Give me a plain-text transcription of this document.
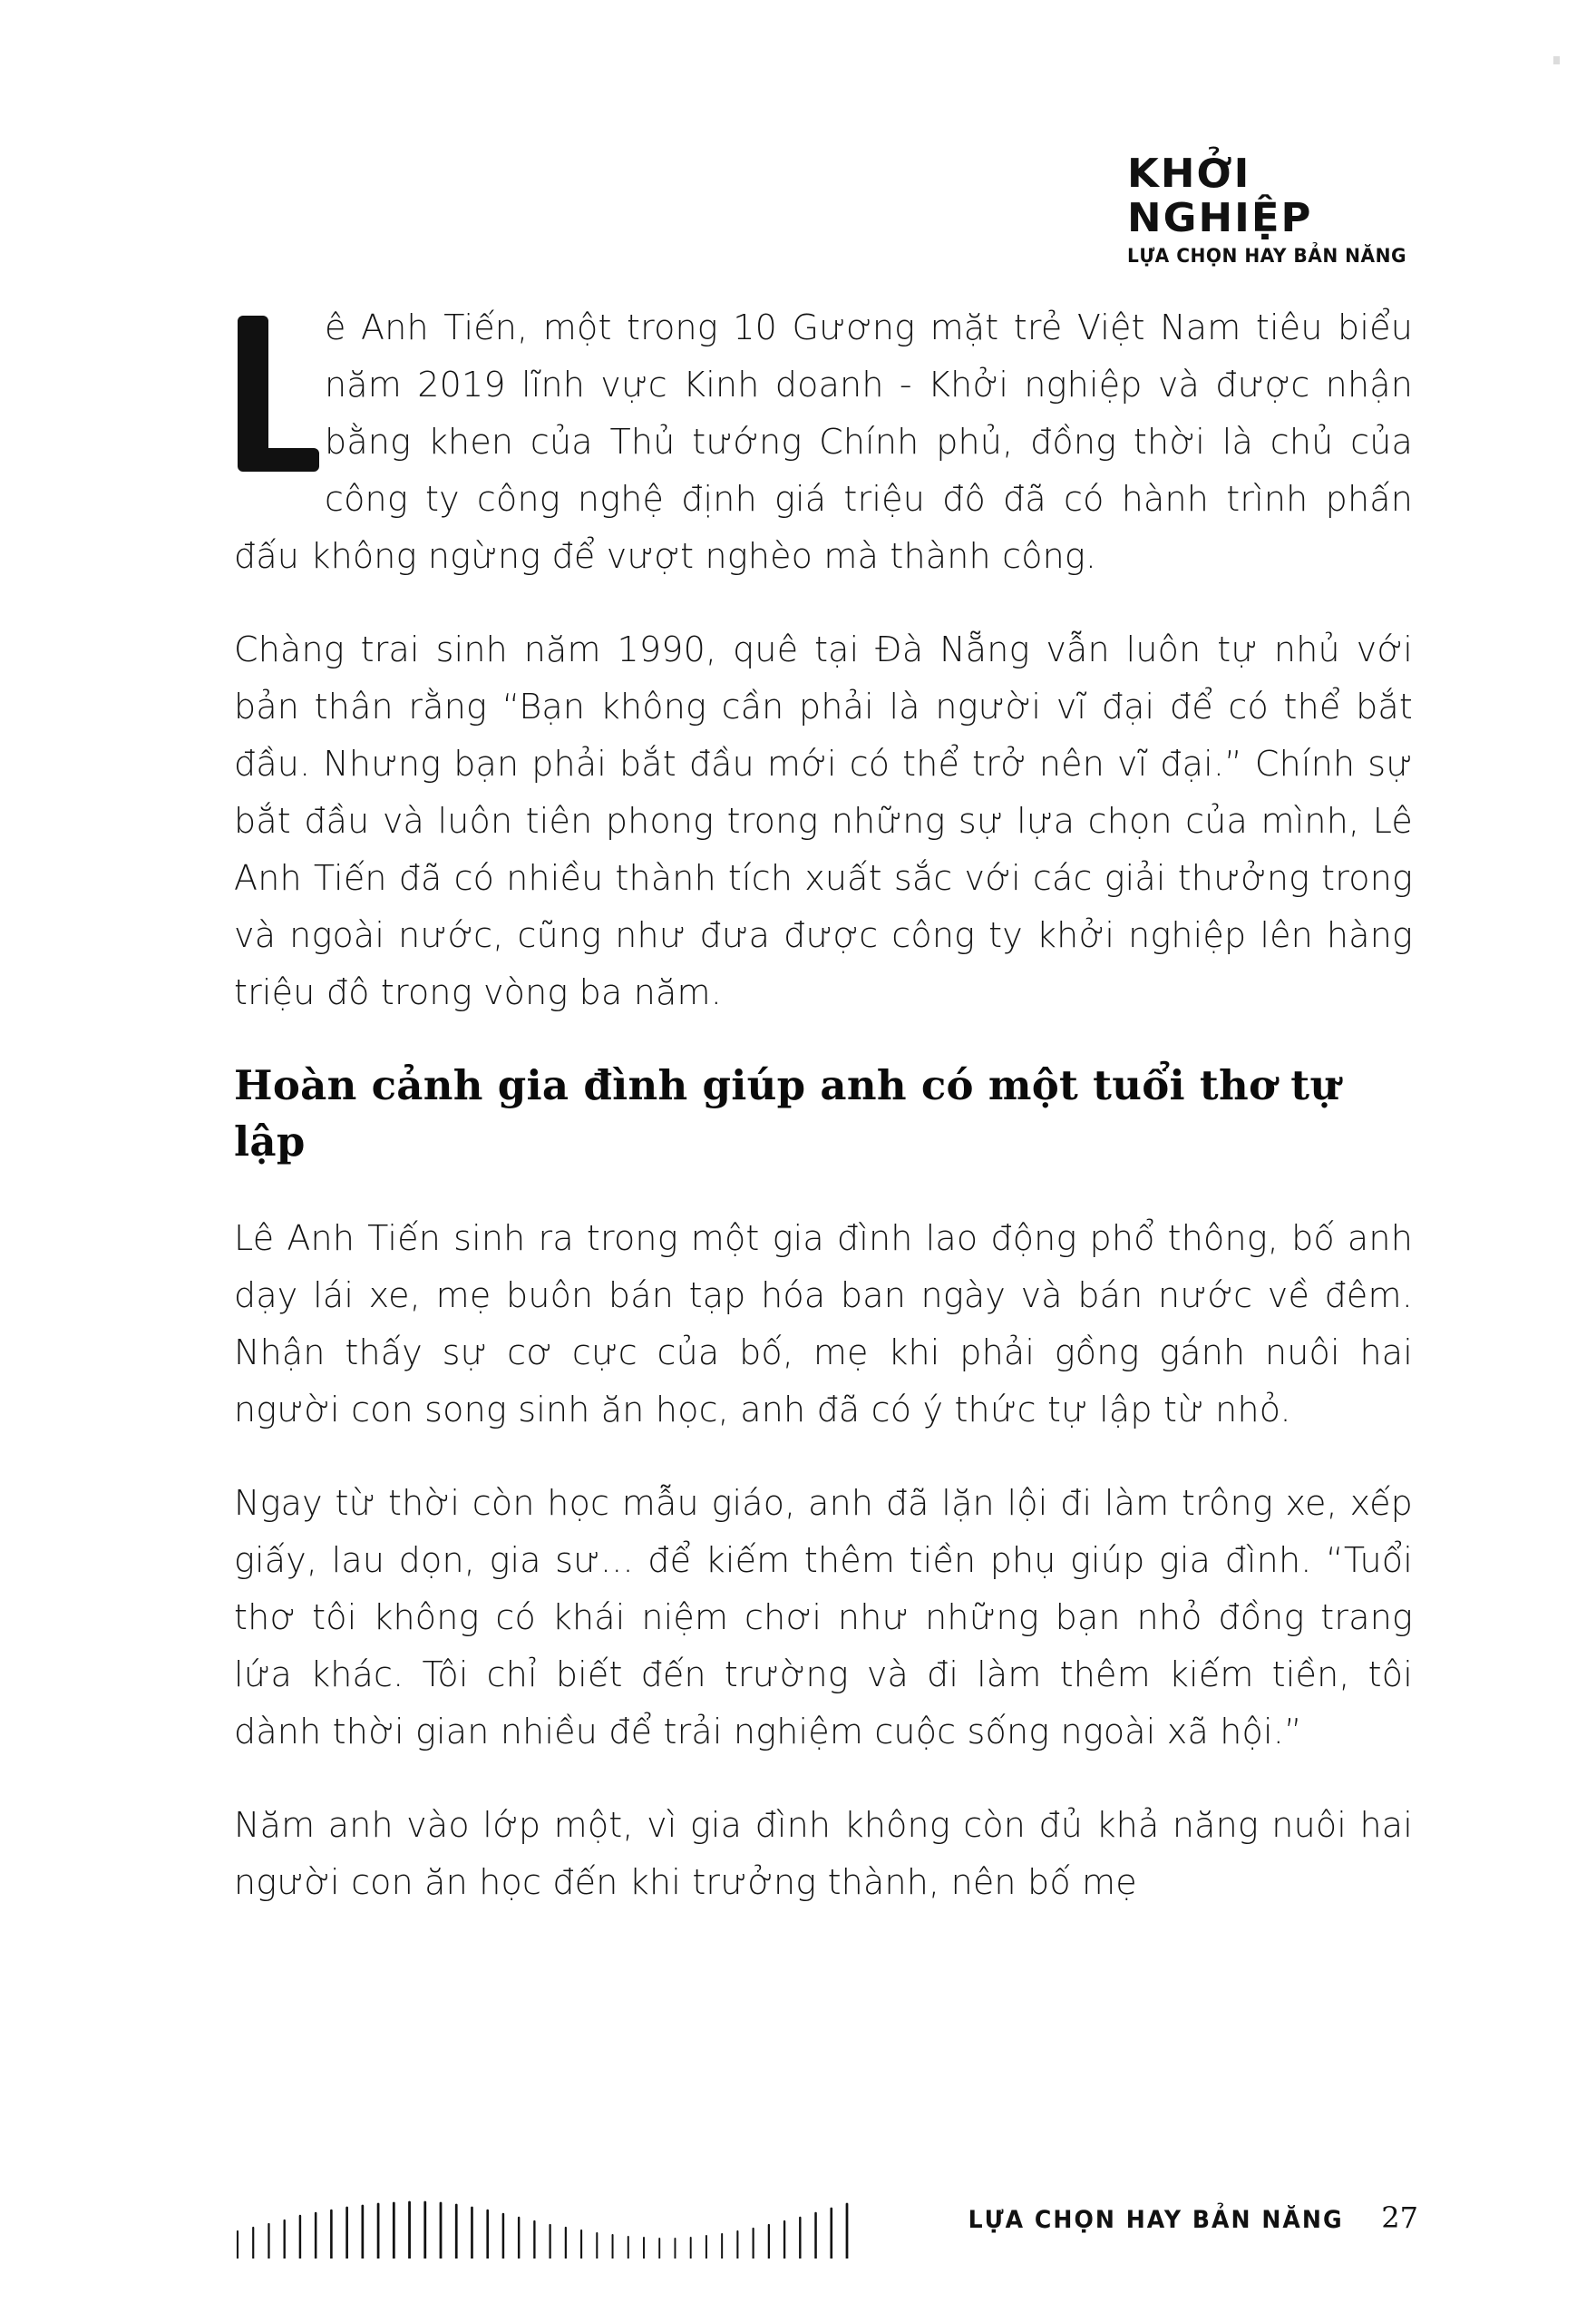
KHỞI
NGHIỆP
LỰA CHỌN HAY BẢN NĂNG

ê Anh Tiến, một trong 10 Gương mặt trẻ Việt Nam tiêu biểu năm 2019 lĩnh vực Kinh doanh - Khởi nghiệp và được nhận bằng khen của Thủ tướng Chính phủ, đồng thời là chủ của công ty công nghệ định giá triệu đô đã có hành trình phấn đấu không ngừng để vượt nghèo mà thành công.

Chàng trai sinh năm 1990, quê tại Đà Nẵng vẫn luôn tự nhủ với bản thân rằng “Bạn không cần phải là người vĩ đại để có thể bắt đầu. Nhưng bạn phải bắt đầu mới có thể trở nên vĩ đại.” Chính sự bắt đầu và luôn tiên phong trong những sự lựa chọn của mình, Lê Anh Tiến đã có nhiều thành tích xuất sắc với các giải thưởng trong và ngoài nước, cũng như đưa được công ty khởi nghiệp lên hàng triệu đô trong vòng ba năm.

Hoàn cảnh gia đình giúp anh có một tuổi thơ tự lập

Lê Anh Tiến sinh ra trong một gia đình lao động phổ thông, bố anh dạy lái xe, mẹ buôn bán tạp hóa ban ngày và bán nước về đêm. Nhận thấy sự cơ cực của bố, mẹ khi phải gồng gánh nuôi hai người con song sinh ăn học, anh đã có ý thức tự lập từ nhỏ.

Ngay từ thời còn học mẫu giáo, anh đã lặn lội đi làm trông xe, xếp giấy, lau dọn, gia sư... để kiếm thêm tiền phụ giúp gia đình. “Tuổi thơ tôi không có khái niệm chơi như những bạn nhỏ đồng trang lứa khác. Tôi chỉ biết đến trường và đi làm thêm kiếm tiền, tôi dành thời gian nhiều để trải nghiệm cuộc sống ngoài xã hội.”

Năm anh vào lớp một, vì gia đình không còn đủ khả năng nuôi hai người con ăn học đến khi trưởng thành, nên bố mẹ

LỰA CHỌN HAY BẢN NĂNG 27
